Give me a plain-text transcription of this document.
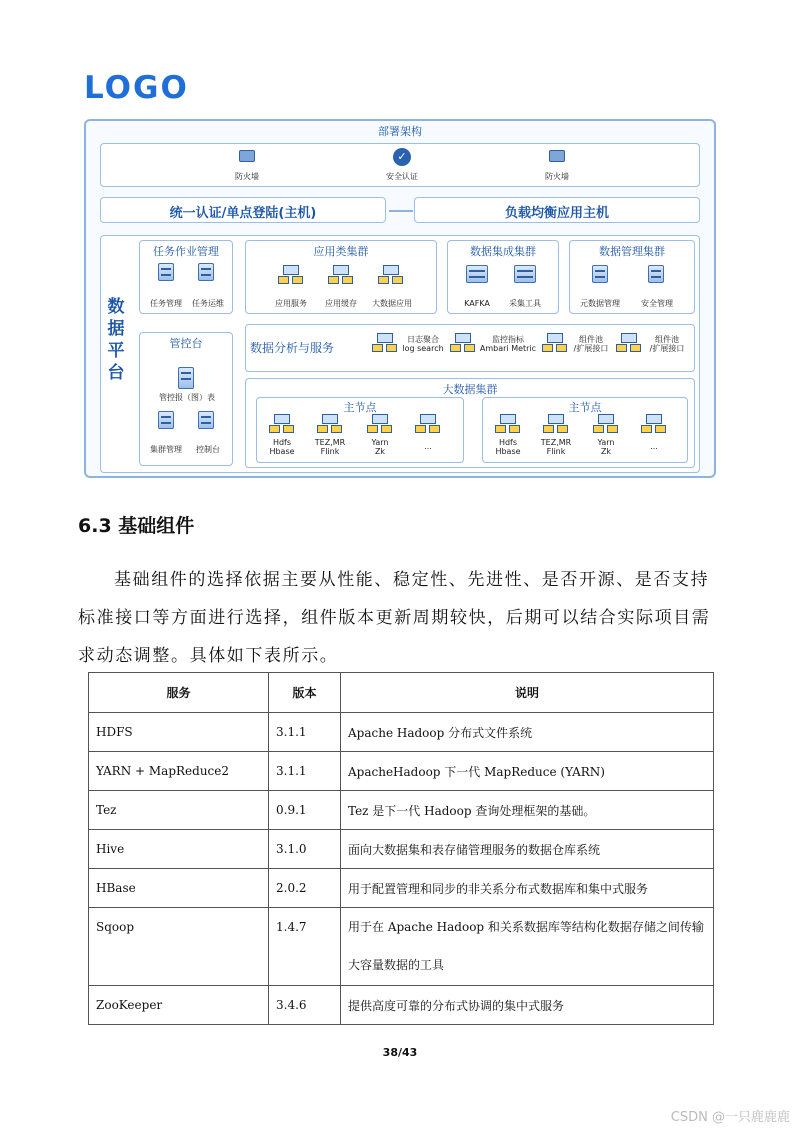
LOGO
部署架构
防火墙
✓
安全认证	防火墙
统一认证/单点登陆(主机)	负载均衡应用主机
数
据
平
台
任务作业管理
任务管理	任务运维
应用类集群
应用服务	应用缓存	大数据应用
数据集成集群
KAFKA	采集工具
数据管理集群
元数据管理	安全管理
管控台
管控报（图）表
集群管理	控制台
数据分析与服务
日志聚合
log search
监控指标
Ambari Metric
组件池
/扩展接口
组件池
/扩展接口
大数据集群
主节点
Hdfs
Hbase
TEZ,MR
Flink
Yarn
Zk
...
主节点
Hdfs
Hbase
TEZ,MR
Flink
Yarn
Zk
...
6.3 基础组件
基础组件的选择依据主要从性能、稳定性、先进性、是否开源、是否支持标准接口等方面进行选择，组件版本更新周期较快，后期可以结合实际项目需求动态调整。具体如下表所示。
服务	版本	说明
HDFS	3.1.1	Apache Hadoop 分布式文件系统
YARN + MapReduce2	3.1.1	ApacheHadoop 下一代 MapReduce (YARN)
Tez	0.9.1	Tez 是下一代 Hadoop 查询处理框架的基础。
Hive	3.1.0	面向大数据集和表存储管理服务的数据仓库系统
HBase	2.0.2	用于配置管理和同步的非关系分布式数据库和集中式服务
Sqoop	1.4.7	用于在 Apache Hadoop 和关系数据库等结构化数据存储之间传输大容量数据的工具
ZooKeeper	3.4.6	提供高度可靠的分布式协调的集中式服务
38/43
CSDN @一只鹿鹿鹿
